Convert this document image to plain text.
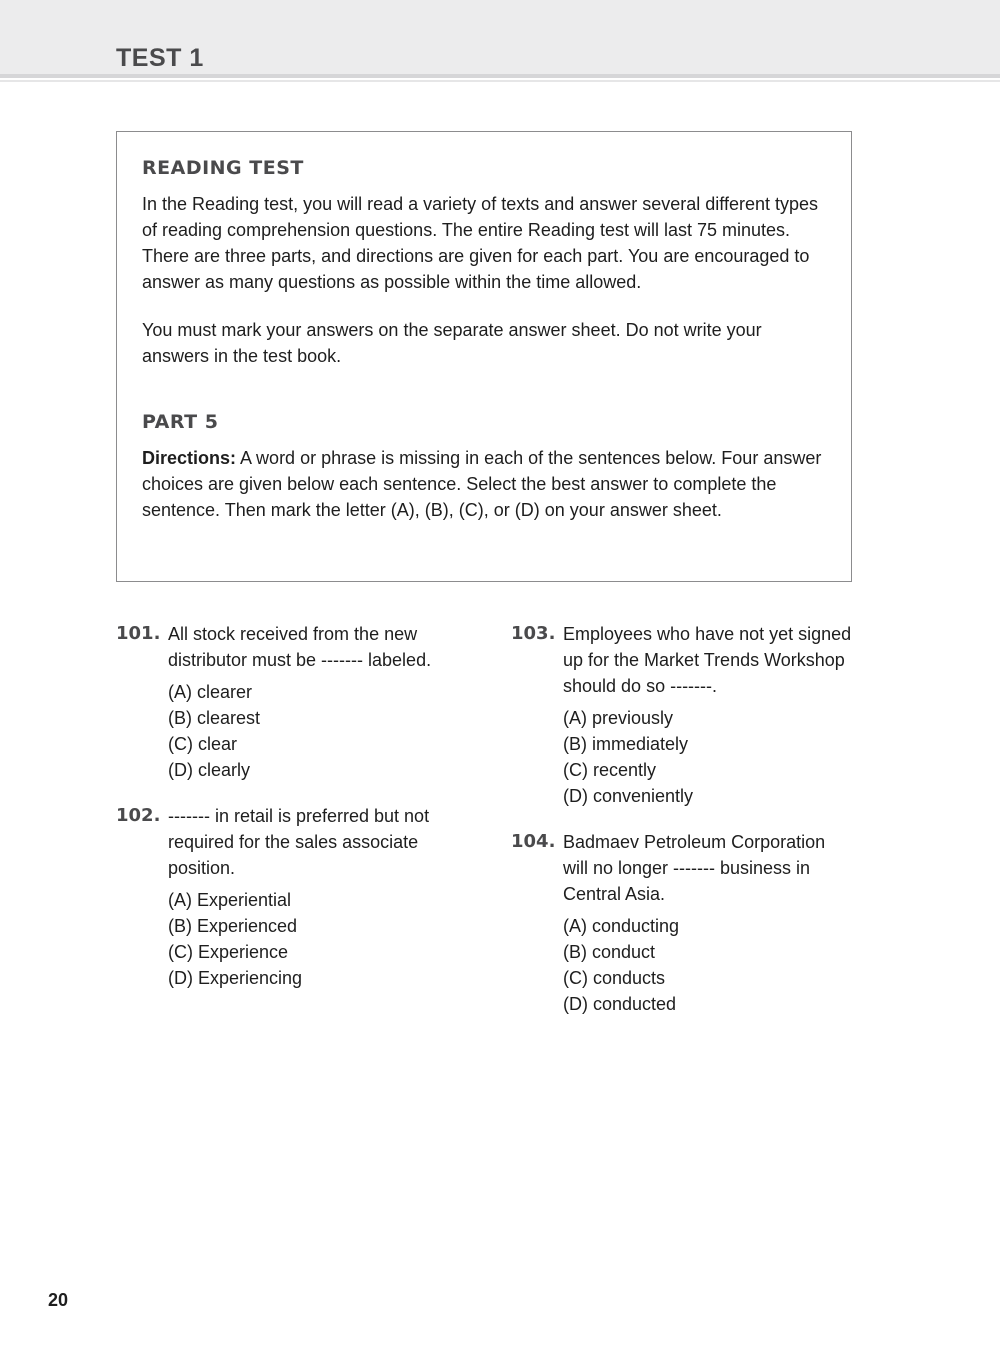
TEST 1
READING TEST

In the Reading test, you will read a variety of texts and answer several different types of reading comprehension questions. The entire Reading test will last 75 minutes. There are three parts, and directions are given for each part. You are encouraged to answer as many questions as possible within the time allowed.

You must mark your answers on the separate answer sheet. Do not write your answers in the test book.

PART 5

Directions: A word or phrase is missing in each of the sentences below. Four answer choices are given below each sentence. Select the best answer to complete the sentence. Then mark the letter (A), (B), (C), or (D) on your answer sheet.

101. All stock received from the new distributor must be ------- labeled.

(A) clearer
(B) clearest
(C) clear
(D) clearly
102. ------- in retail is preferred but not required for the sales associate position.

(A) Experiential
(B) Experienced
(C) Experience
(D) Experiencing
103. Employees who have not yet signed up for the Market Trends Workshop should do so -------.

(A) previously
(B) immediately
(C) recently
(D) conveniently
104. Badmaev Petroleum Corporation will no longer ------- business in Central Asia.

(A) conducting
(B) conduct
(C) conducts
(D) conducted
20
